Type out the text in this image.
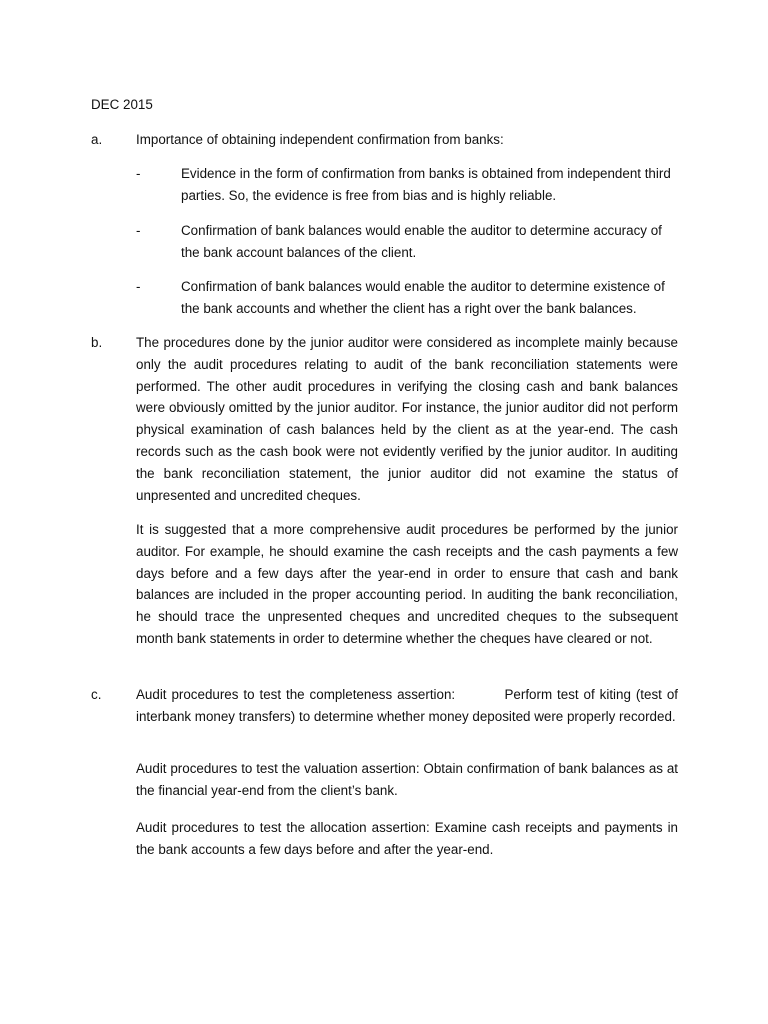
DEC 2015
a.	Importance of obtaining independent confirmation from banks:
-	Evidence in the form of confirmation from banks is obtained from independent third parties. So, the evidence is free from bias and is highly reliable.

-	Confirmation of bank balances would enable the auditor to determine accuracy of the bank account balances of the client.

-	Confirmation of bank balances would enable the auditor to determine existence of the bank accounts and whether the client has a right over the bank balances.

b.	The procedures done by the junior auditor were considered as incomplete mainly because only the audit procedures relating to audit of the bank reconciliation statements were performed. The other audit procedures in verifying the closing cash and bank balances were obviously omitted by the junior auditor. For instance, the junior auditor did not perform physical examination of cash balances held by the client as at the year-end. The cash records such as the cash book were not evidently verified by the junior auditor. In auditing the bank reconciliation statement, the junior auditor did not examine the status of unpresented and uncredited cheques.

It is suggested that a more comprehensive audit procedures be performed by the junior auditor. For example, he should examine the cash receipts and the cash payments a few days before and a few days after the year-end in order to ensure that cash and bank balances are included in the proper accounting period. In auditing the bank reconciliation, he should trace the unpresented cheques and uncredited cheques to the subsequent month bank statements in order to determine whether the cheques have cleared or not.

c.	Audit procedures to test the completeness assertion:          Perform test of kiting (test of interbank money transfers) to determine whether money deposited were properly recorded.

Audit procedures to test the valuation assertion: Obtain confirmation of bank balances as at the financial year-end from the client’s bank.

Audit procedures to test the allocation assertion: Examine cash receipts and payments in the bank accounts a few days before and after the year-end.
